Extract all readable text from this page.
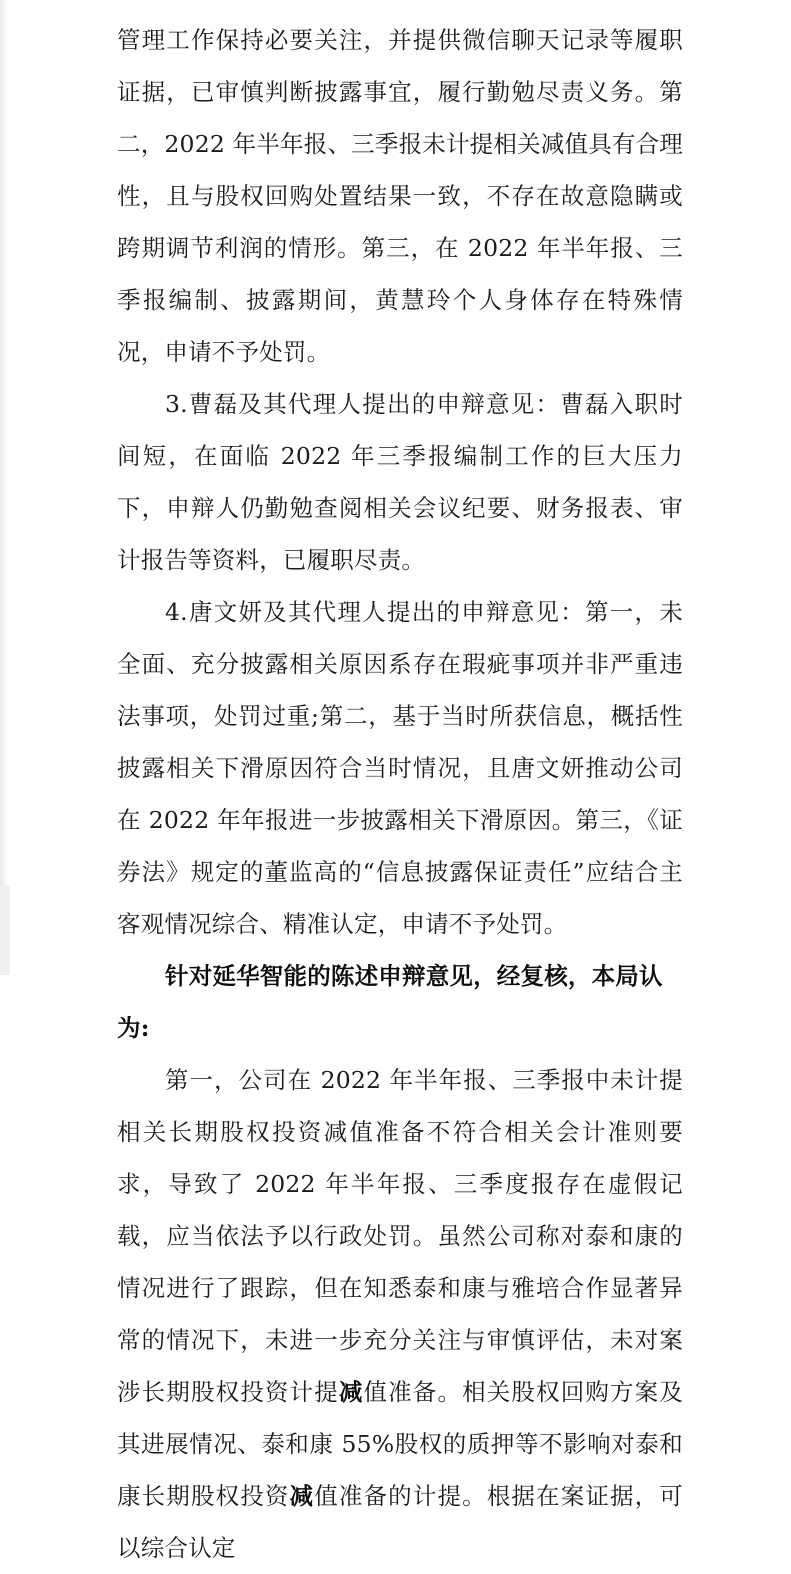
管理工作保持必要关注，并提供微信聊天记录等履职证据，已审慎判断披露事宜，履行勤勉尽责义务。第二，2022 年半年报、三季报未计提相关减值具有合理性，且与股权回购处置结果一致，不存在故意隐瞒或跨期调节利润的情形。第三，在 2022 年半年报、三季报编制、披露期间，黄慧玲个人身体存在特殊情况，申请不予处罚。

3.曹磊及其代理人提出的申辩意见：曹磊入职时间短，在面临 2022 年三季报编制工作的巨大压力下，申辩人仍勤勉查阅相关会议纪要、财务报表、审计报告等资料，已履职尽责。

4.唐文妍及其代理人提出的申辩意见：第一，未全面、充分披露相关原因系存在瑕疵事项并非严重违法事项，处罚过重;第二，基于当时所获信息，概括性披露相关下滑原因符合当时情况，且唐文妍推动公司在 2022 年年报进一步披露相关下滑原因。第三，《证券法》规定的董监高的“信息披露保证责任”应结合主客观情况综合、精准认定，申请不予处罚。

针对延华智能的陈述申辩意见，经复核，本局认为:

第一，公司在 2022 年半年报、三季报中未计提相关长期股权投资减值准备不符合相关会计准则要求，导致了 2022 年半年报、三季度报存在虚假记载，应当依法予以行政处罚。虽然公司称对泰和康的情况进行了跟踪，但在知悉泰和康与雅培合作显著异常的情况下，未进一步充分关注与审慎评估，未对案涉长期股权投资计提减值准备。相关股权回购方案及其进展情况、泰和康 55%股权的质押等不影响对泰和康长期股权投资减值准备的计提。根据在案证据，可以综合认定
